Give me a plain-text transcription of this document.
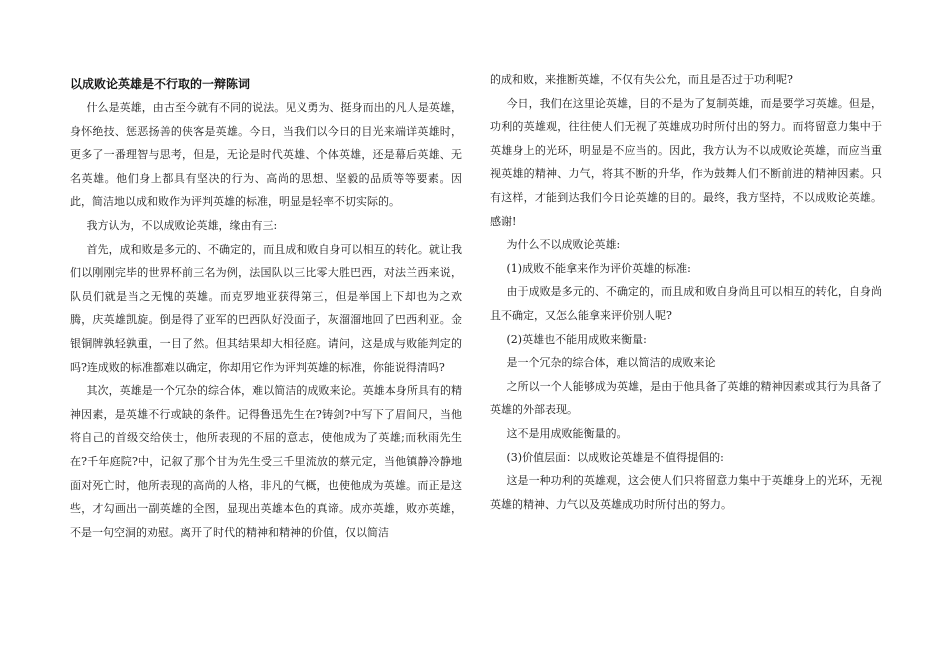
以成败论英雄是不行取的一辩陈词

什么是英雄，由古至今就有不同的说法。见义勇为、挺身而出的凡人是英雄，身怀绝技、惩恶扬善的侠客是英雄。今日，当我们以今日的目光来端详英雄时，更多了一番理智与思考，但是，无论是时代英雄、个体英雄，还是幕后英雄、无名英雄。他们身上都具有坚决的行为、高尚的思想、坚毅的品质等等要素。因此，简洁地以成和败作为评判英雄的标准，明显是轻率不切实际的。

我方认为，不以成败论英雄，缘由有三:

首先，成和败是多元的、不确定的，而且成和败自身可以相互的转化。就让我们以刚刚完毕的世界杯前三名为例，法国队以三比零大胜巴西，对法兰西来说，队员们就是当之无愧的英雄。而克罗地亚获得第三，但是举国上下却也为之欢腾，庆英雄凯旋。倒是得了亚军的巴西队好没面子，灰溜溜地回了巴西利亚。金银铜牌孰轻孰重，一目了然。但其结果却大相径庭。请问，这是成与败能判定的吗?连成败的标准都难以确定，你却用它作为评判英雄的标准，你能说得清吗?

其次，英雄是一个冗杂的综合体，难以简洁的成败来论。英雄本身所具有的精神因素，是英雄不行或缺的条件。记得鲁迅先生在?铸剑?中写下了眉间尺，当他将自己的首级交给侠士，他所表现的不屈的意志，使他成为了英雄;而秋雨先生在?千年庭院?中，记叙了那个甘为先生受三千里流放的蔡元定，当他镇静冷静地面对死亡时，他所表现的高尚的人格，非凡的气概，也使他成为英雄。而正是这些，才勾画出一副英雄的全图，显现出英雄本色的真谛。成亦英雄，败亦英雄，不是一句空洞的劝慰。离开了时代的精神和精神的价值，仅以简洁

的成和败，来推断英雄，不仅有失公允，而且是否过于功利呢?

今日，我们在这里论英雄，目的不是为了复制英雄，而是要学习英雄。但是，功利的英雄观，往往使人们无视了英雄成功时所付出的努力。而将留意力集中于英雄身上的光环，明显是不应当的。因此，我方认为不以成败论英雄，而应当重视英雄的精神、力气，将其不断的升华，作为鼓舞人们不断前进的精神因素。只有这样，才能到达我们今日论英雄的目的。最终，我方坚持，不以成败论英雄。感谢!

为什么不以成败论英雄:

(1)成败不能拿来作为评价英雄的标准:

由于成败是多元的、不确定的，而且成和败自身尚且可以相互的转化，自身尚且不确定，又怎么能拿来评价别人呢?

(2)英雄也不能用成败来衡量:

是一个冗杂的综合体，难以简洁的成败来论

之所以一个人能够成为英雄，是由于他具备了英雄的精神因素或其行为具备了英雄的外部表现。

这不是用成败能衡量的。

(3)价值层面：以成败论英雄是不值得提倡的:

这是一种功利的英雄观，这会使人们只将留意力集中于英雄身上的光环，无视英雄的精神、力气以及英雄成功时所付出的努力。
